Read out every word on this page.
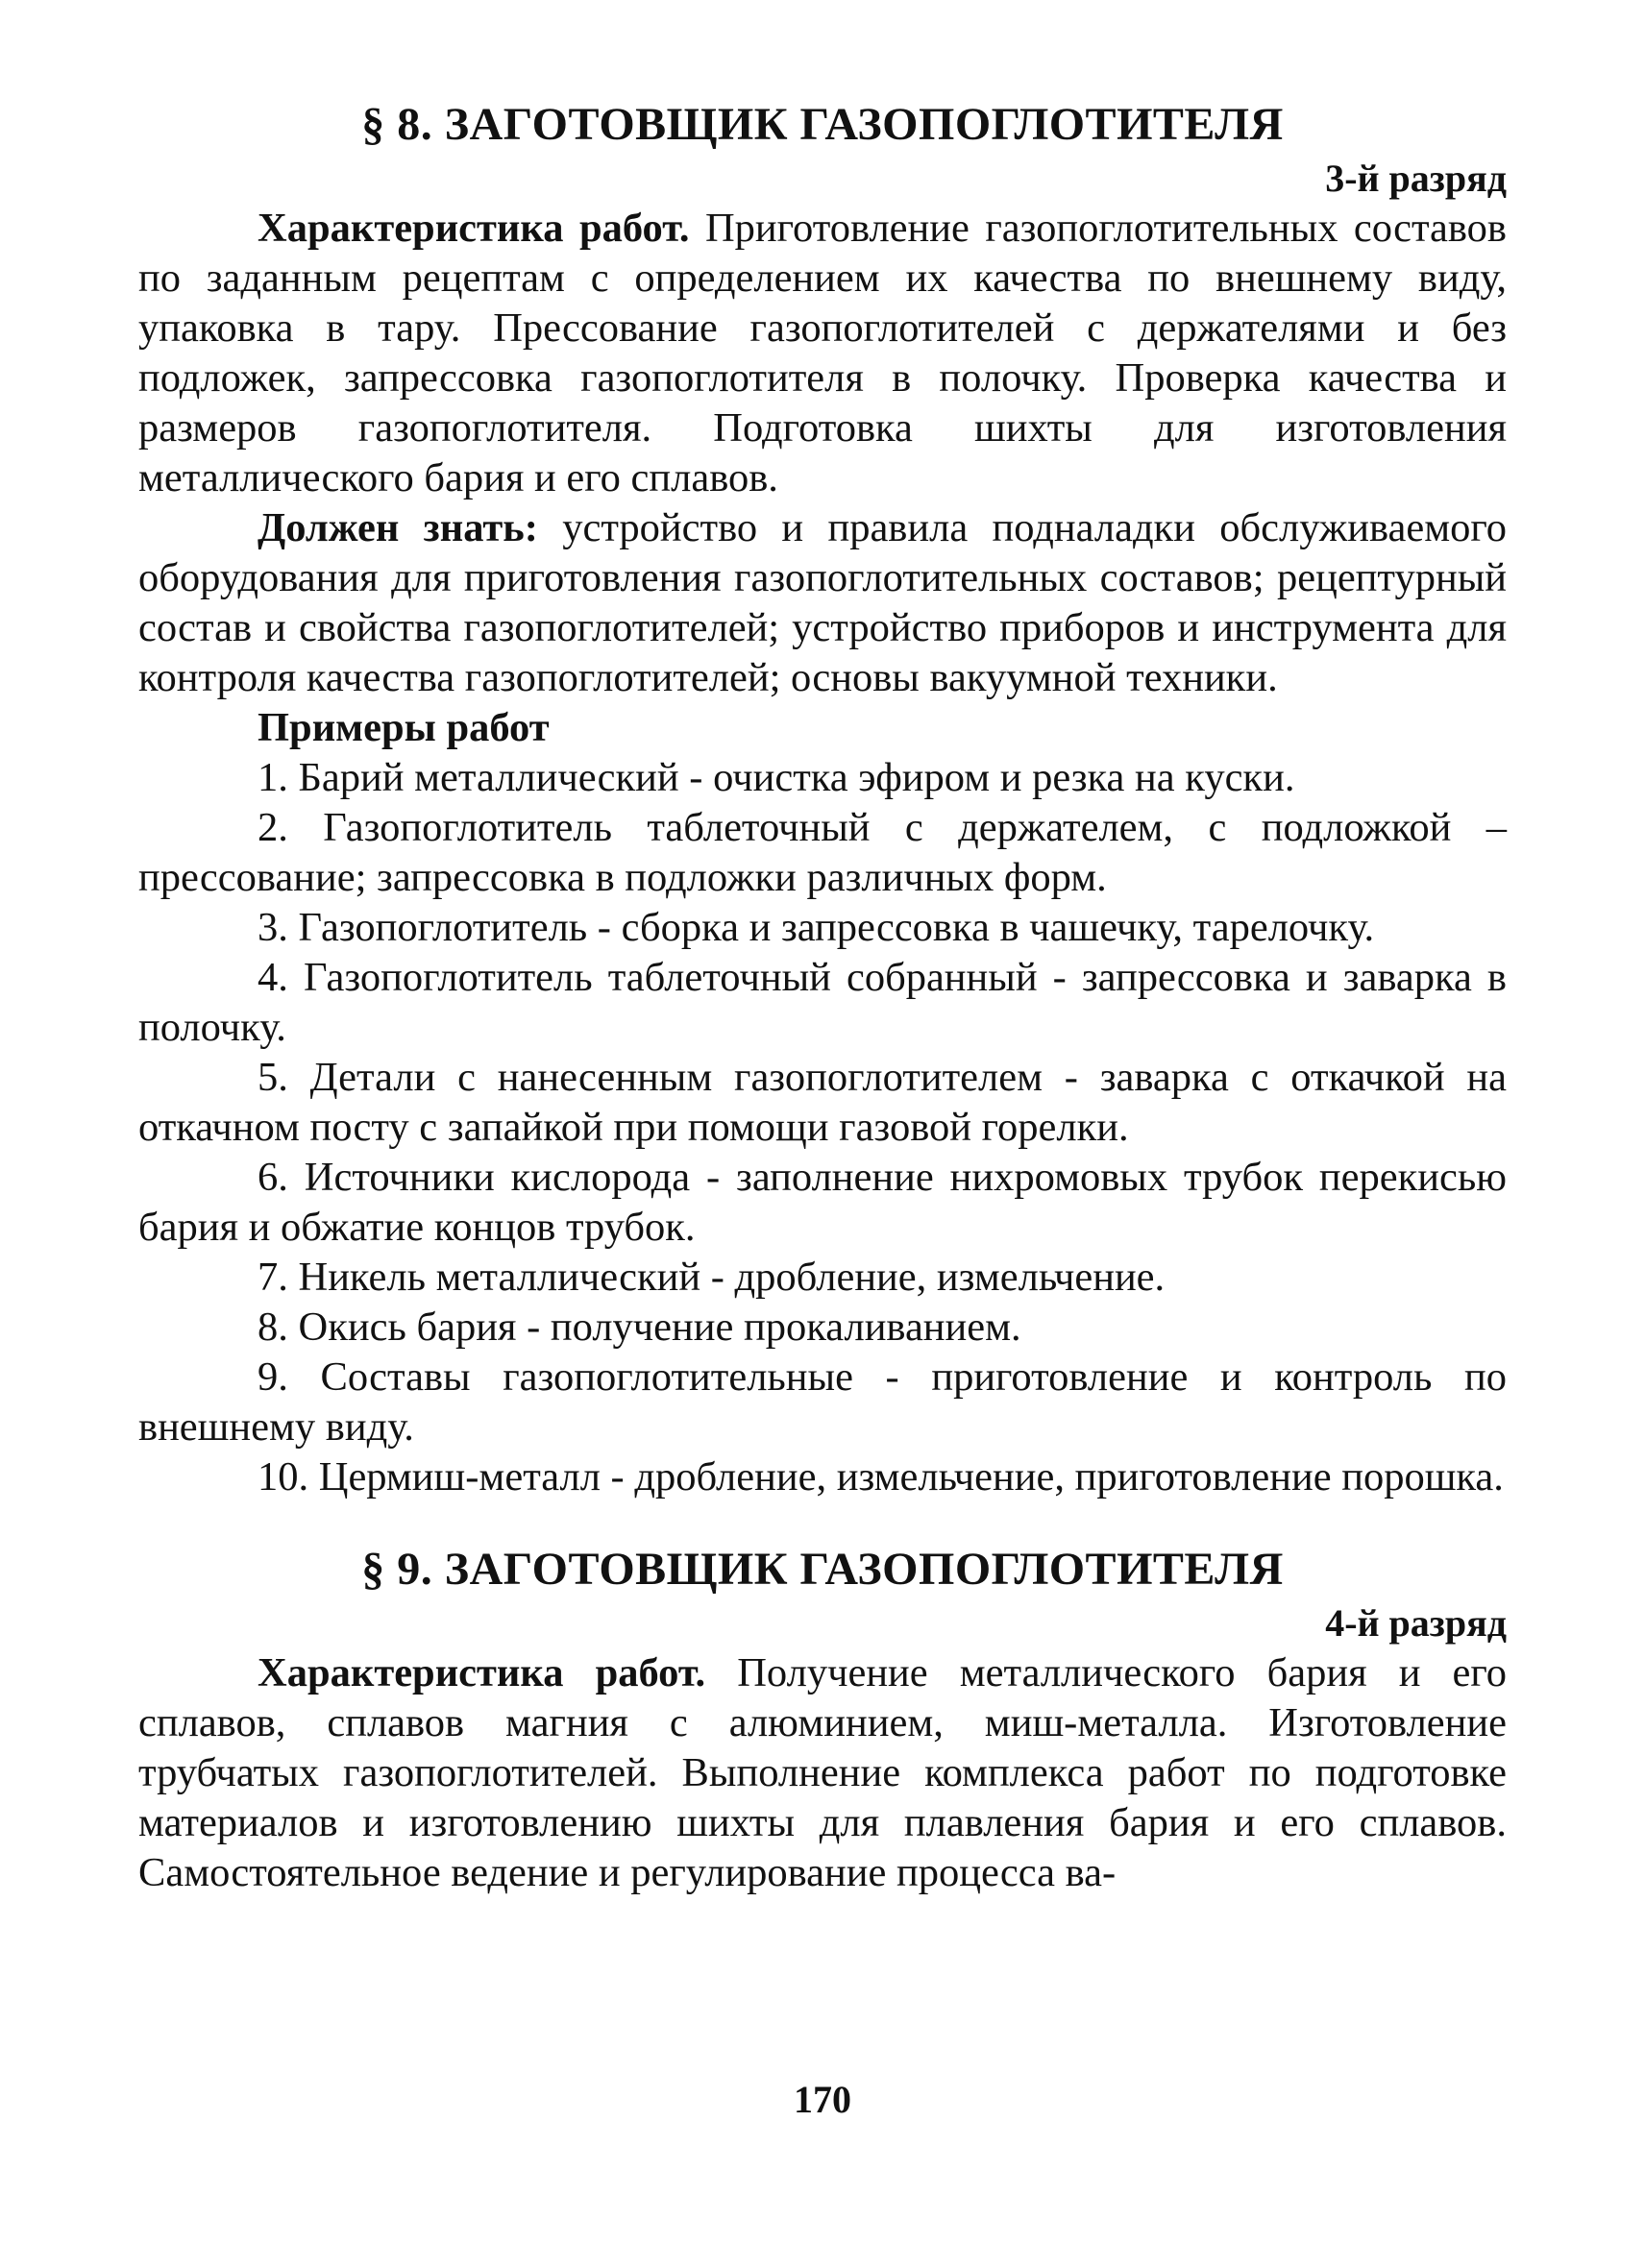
§ 8. ЗАГОТОВЩИК ГАЗОПОГЛОТИТЕЛЯ
3-й разряд

Характеристика работ. Приготовление газопоглотительных составов по заданным рецептам с определением их качества по внешнему виду, упаковка в тару. Прессование газопоглотителей с держателями и без подложек, запрессовка газопоглотителя в полочку. Проверка качества и размеров газопоглотителя. Подготовка шихты для изготовления металлического бария и его сплавов.

Должен знать: устройство и правила подналадки обслуживаемого оборудования для приготовления газопоглотительных составов; рецептурный состав и свойства газопоглотителей; устройство приборов и инструмента для контроля качества газопоглотителей; основы вакуумной техники.

Примеры работ

1. Барий металлический - очистка эфиром и резка на куски.

2. Газопоглотитель таблеточный с держателем, с подложкой – прессование; запрессовка в подложки различных форм.

3. Газопоглотитель - сборка и запрессовка в чашечку, тарелочку.

4. Газопоглотитель таблеточный собранный - запрессовка и заварка в полочку.

5. Детали с нанесенным газопоглотителем - заварка с откачкой на откачном посту с запайкой при помощи газовой горелки.

6. Источники кислорода - заполнение нихромовых трубок перекисью бария и обжатие концов трубок.

7. Никель металлический - дробление, измельчение.

8. Окись бария - получение прокаливанием.

9. Составы газопоглотительные - приготовление и контроль по внешнему виду.

10. Цермиш-металл - дробление, измельчение, приготовление порошка.

§ 9. ЗАГОТОВЩИК ГАЗОПОГЛОТИТЕЛЯ
4-й разряд

Характеристика работ. Получение металлического бария и его сплавов, сплавов магния с алюминием, миш-металла. Изготовление трубчатых газопоглотителей. Выполнение комплекса работ по подготовке материалов и изготовлению шихты для плавления бария и его сплавов. Самостоятельное ведение и регулирование процесса ва-

170
